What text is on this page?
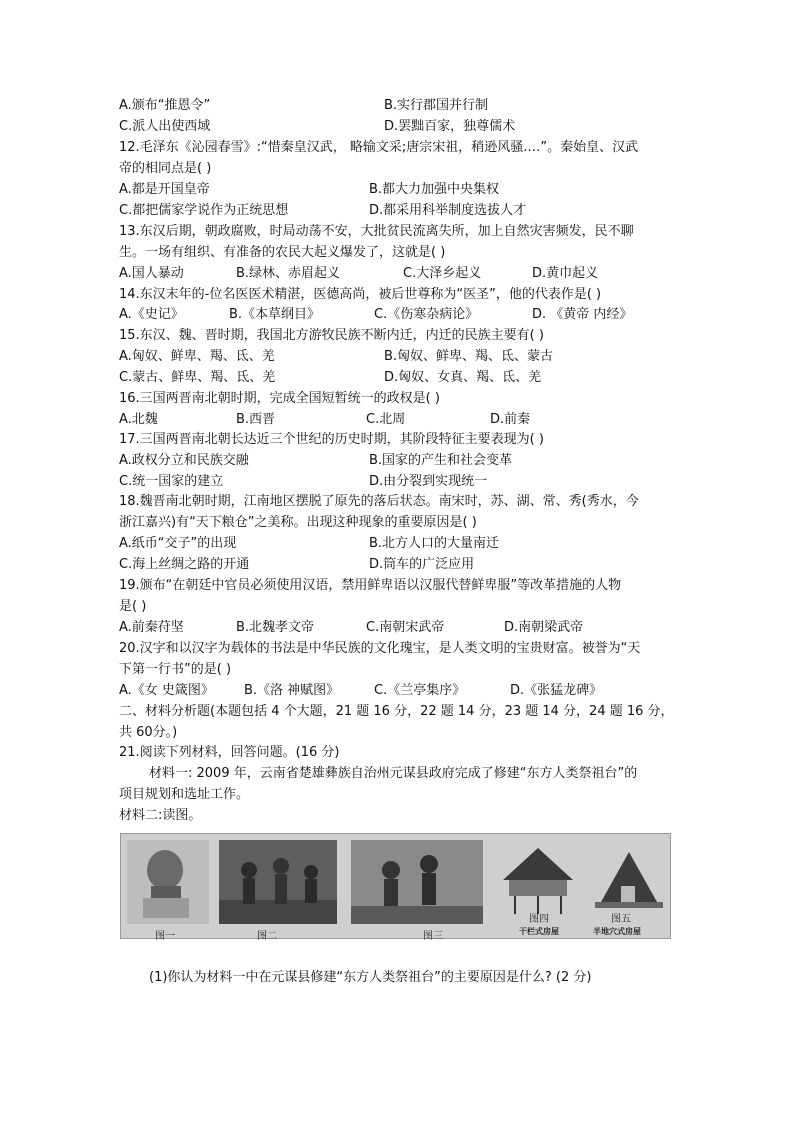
A.颁布“推恩令”	B.实行郡国并行制
C.派人出使西域	D.罢黜百家，独尊儒术
12.毛泽东《沁园春雪》:“惜秦皇汉武， 略输文采;唐宗宋祖，稍逊风骚.…”。秦始皇、汉武
帝的相同点是( )
A.都是开国皇帝	B.都大力加强中央集权
C.都把儒家学说作为正统思想	D.都采用科举制度选拔人才
13.东汉后期，朝政腐败，时局动荡不安，大批贫民流离失所，加上自然灾害频发，民不聊
生。一场有组织、有准备的农民大起义爆发了，这就是( )
A.国人暴动	B.绿林、赤眉起义	C.大泽乡起义	D.黄巾起义
14.东汉末年的-位名医医术精湛，医德高尚，被后世尊称为“医圣”，他的代表作是( )
A.《史记》	B.《本草纲目》	C.《伤寒杂病论》	D. 《黄帝 内经》
15.东汉、魏、晋时期，我国北方游牧民族不断内迁，内迁的民族主要有( )
A.匈奴、鲜卑、羯、氐、羌	B.匈奴、鲜卑、羯、氐、蒙古
C.蒙古、鲜卑、羯、氐、羌	D.匈奴、女真、羯、氐、羌
16.三国两晋南北朝时期，完成全国短暂统一的政权是( )
A.北魏	B.西晋	C.北周	D.前秦
17.三国两晋南北朝长达近三个世纪的历史时期，其阶段特征主要表现为( )
A.政权分立和民族交融	B.国家的产生和社会变革
C.统一国家的建立	D.由分裂到实现统一
18.魏晋南北朝时期，江南地区摆脱了原先的落后状态。南宋时，苏、湖、常、秀(秀水，今
浙江嘉兴)有“天下粮仓”之美称。出现这种现象的重要原因是( )
A.纸币“交子”的出现	B.北方人口的大量南迁
C.海上丝绸之路的开通	D.筒车的广泛应用
19.颁布“在朝廷中官员必须使用汉语，禁用鲜卑语以汉服代替鲜卑服”等改革措施的人物
是( )
A.前秦苻坚	B.北魏孝文帝	C.南朝宋武帝	D.南朝梁武帝
20.汉字和以汉字为载体的书法是中华民族的文化瑰宝，是人类文明的宝贵财富。被誉为“天
下第一行书”的是( )
A.《女 史箴图》 B.《洛 神赋图》	C.《兰亭集序》	D.《张猛龙碑》
二、材料分析题(本题包括 4 个大题，21 题 16 分，22 题 14 分，23 题 14 分，24 题 16 分，
共 60分。)
21.阅读下列材料，回答问题。(16 分)
材料一: 2009 年，云南省楚雄彝族自治州元谋县政府完成了修建“东方人类祭祖台”的
项目规划和选址工作。
材料二:读图。
图一	图二	图三
图四
干栏式房屋
图五
半地穴式房屋
(1)你认为材料一中在元谋县修建“东方人类祭祖台”的主要原因是什么? (2 分)
